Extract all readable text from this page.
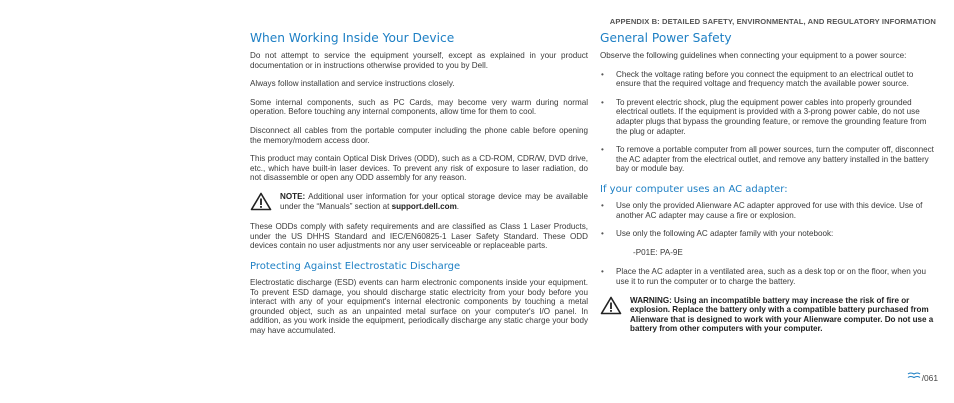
APPENDIX B: DETAILED SAFETY, ENVIRONMENTAL, AND REGULATORY INFORMATION
When Working Inside Your Device

Do not attempt to service the equipment yourself, except as explained in your product documentation or in instructions otherwise provided to you by Dell.

Always follow installation and service instructions closely.

Some internal components, such as PC Cards, may become very warm during normal operation. Before touching any internal components, allow time for them to cool.

Disconnect all cables from the portable computer including the phone cable before opening the memory/modem access door.

This product may contain Optical Disk Drives (ODD), such as a CD-ROM, CDR/W, DVD drive, etc., which have built-in laser devices. To prevent any risk of exposure to laser radiation, do not disassemble or open any ODD assembly for any reason.

NOTE: Additional user information for your optical storage device may be available under the “Manuals” section at support.dell.com.

These ODDs comply with safety requirements and are classified as Class 1 Laser Products, under the US DHHS Standard and IEC/EN60825-1 Laser Safety Standard. These ODD devices contain no user adjustments nor any user serviceable or replaceable parts.

Protecting Against Electrostatic Discharge

Electrostatic discharge (ESD) events can harm electronic components inside your equipment. To prevent ESD damage, you should discharge static electricity from your body before you interact with any of your equipment's internal electronic components by touching a metal grounded object, such as an unpainted metal surface on your computer's I/O panel. In addition, as you work inside the equipment, periodically discharge any static charge your body may have accumulated.

General Power Safety

Observe the following guidelines when connecting your equipment to a power source:

• Check the voltage rating before you connect the equipment to an electrical outlet to ensure that the required voltage and frequency match the available power source.
• To prevent electric shock, plug the equipment power cables into properly grounded electrical outlets. If the equipment is provided with a 3-prong power cable, do not use adapter plugs that bypass the grounding feature, or remove the grounding feature from the plug or adapter.
• To remove a portable computer from all power sources, turn the computer off, disconnect the AC adapter from the electrical outlet, and remove any battery installed in the battery bay or module bay.
If your computer uses an AC adapter:
• Use only the provided Alienware AC adapter approved for use with this device. Use of another AC adapter may cause a fire or explosion.
• Use only the following AC adapter family with your notebook:
-P01E: PA-9E
• Place the AC adapter in a ventilated area, such as a desk top or on the floor, when you use it to run the computer or to charge the battery.

WARNING: Using an incompatible battery may increase the risk of fire or explosion. Replace the battery only with a compatible battery purchased from Alienware that is designed to work with your Alienware computer. Do not use a battery from other computers with your computer.

/061
